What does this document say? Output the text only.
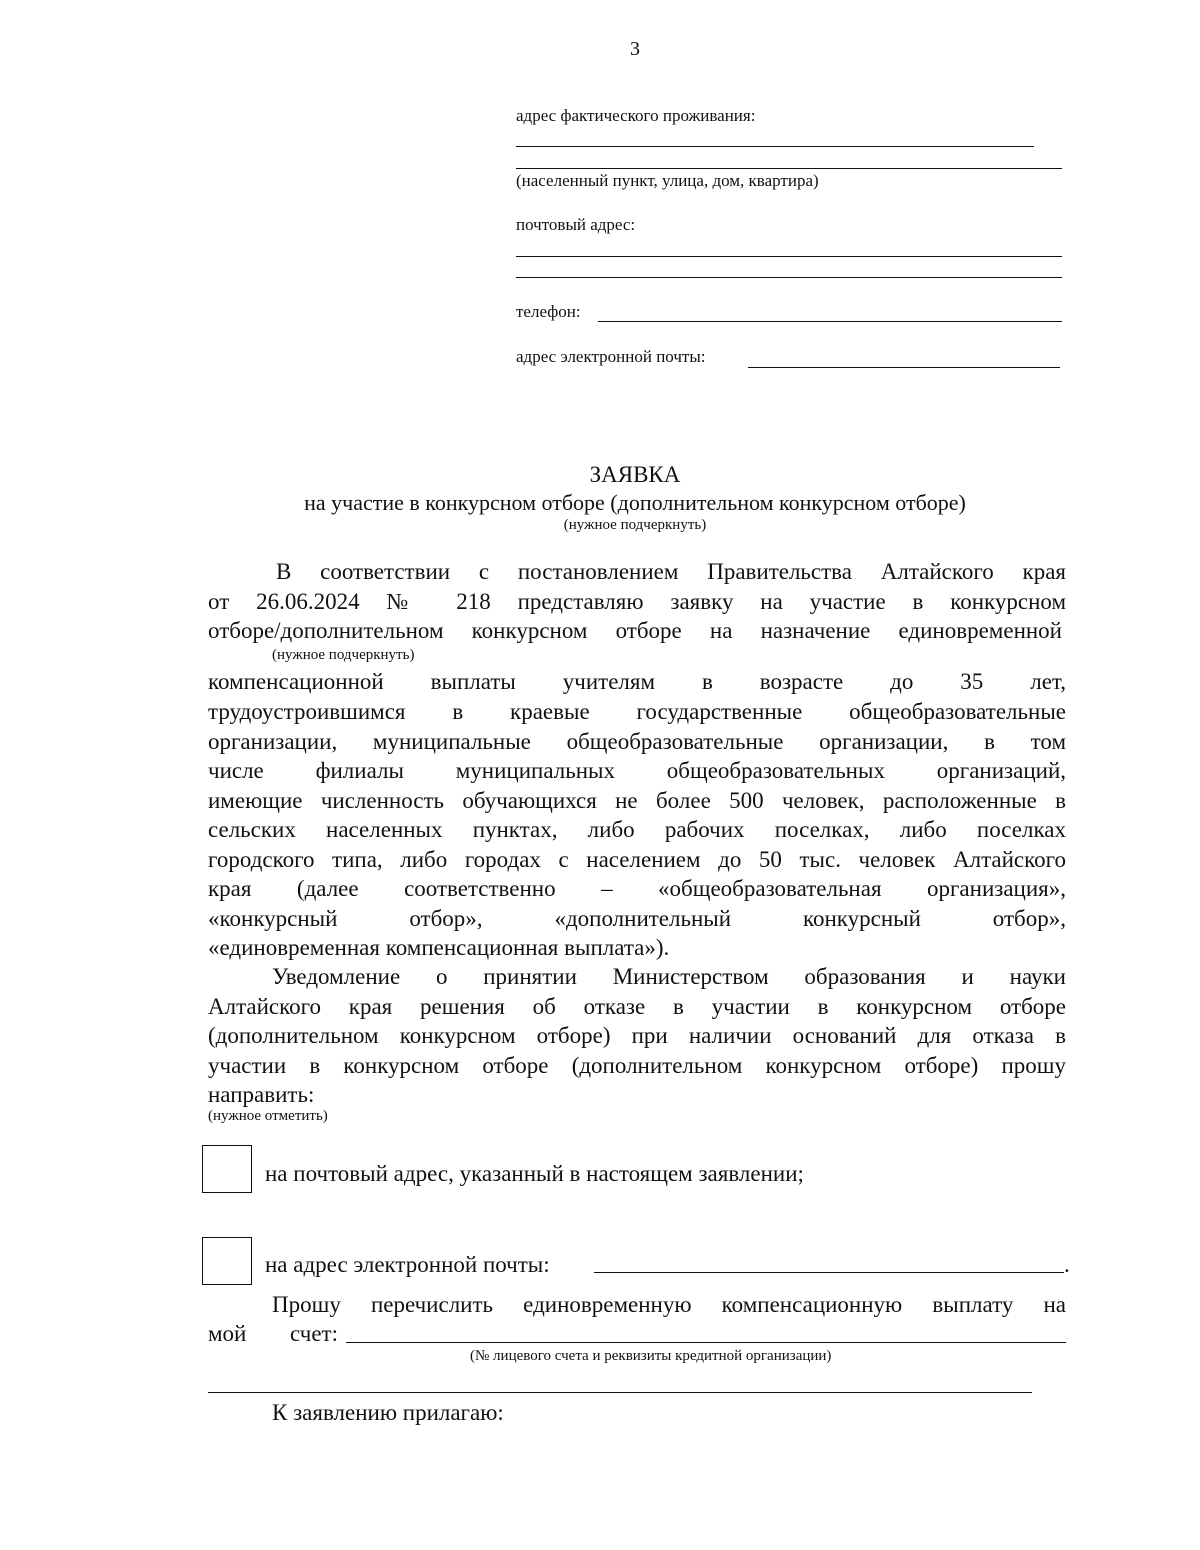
3
адрес фактического проживания:
(населенный пункт, улица, дом, квартира)
почтовый адрес:
телефон:
адрес электронной почты:
ЗАЯВКА
на участие в конкурсном отборе (дополнительном конкурсном отборе)
(нужное подчеркнуть)
В соответствии с постановлением Правительства Алтайского края
от 26.06.2024 № 218 представляю заявку на участие в конкурсном
отборе/дополнительном конкурсном отборе на назначение единовременной
(нужное подчеркнуть)
компенсационной выплаты учителям в возрасте до 35 лет,
трудоустроившимся в краевые государственные общеобразовательные
организации, муниципальные общеобразовательные организации, в том
числе филиалы муниципальных общеобразовательных организаций,
имеющие численность обучающихся не более 500 человек, расположенные в
сельских населенных пунктах, либо рабочих поселках, либо поселках
городского типа, либо городах с населением до 50 тыс. человек Алтайского
края (далее соответственно – «общеобразовательная организация»,
«конкурсный отбор», «дополнительный конкурсный отбор»,
«единовременная компенсационная выплата»).
Уведомление о принятии Министерством образования и науки
Алтайского края решения об отказе в участии в конкурсном отборе
(дополнительном конкурсном отборе) при наличии оснований для отказа в
участии в конкурсном отборе (дополнительном конкурсном отборе) прошу
направить:
(нужное отметить)
на почтовый адрес, указанный в настоящем заявлении;
на адрес электронной почты:	.
Прошу перечислить единовременную компенсационную выплату на
мой счет:
(№ лицевого счета и реквизиты кредитной организации)
К заявлению прилагаю:
